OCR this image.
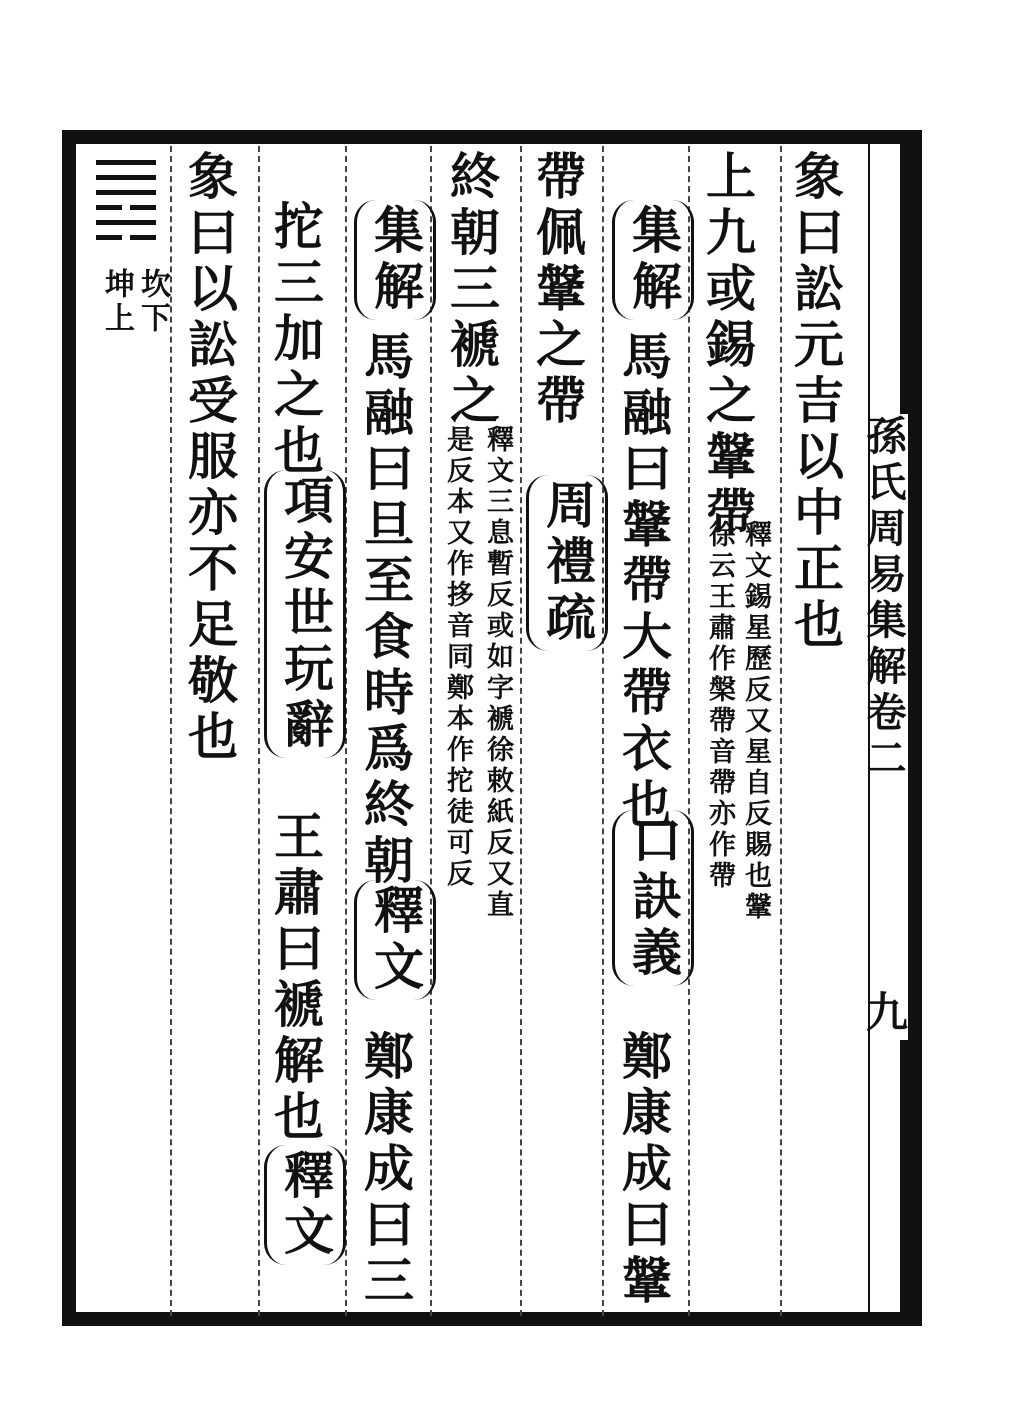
孫氏周易集解卷二
九
象曰訟元吉以中正也
上九或錫之鞶帶
釋文錫星歷反又星自反賜也鞶
徐云王肅作槃帶音帶亦作帶
集解
馬融曰鞶帶大帶衣也
口訣義
鄭康成曰鞶
帶佩鞶之帶
周禮疏
終朝三褫之
釋文三息暫反或如字褫徐敕紙反又直
是反本又作拸音同鄭本作拕徒可反
集解
馬融曰旦至食時爲終朝
釋文
鄭康成曰三
拕三加之也
項安世玩辭
王肅曰褫解也
釋文
象曰以訟受服亦不足敬也
坎下
坤上
